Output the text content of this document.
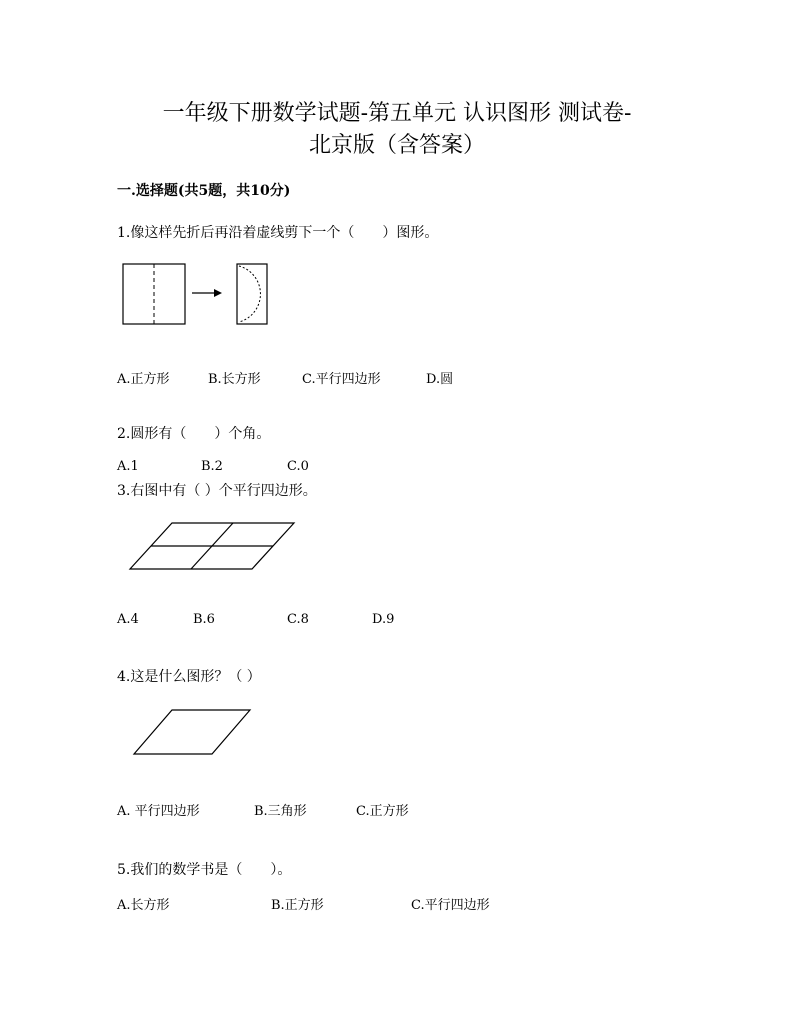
一年级下册数学试题-第五单元 认识图形 测试卷-
北京版（含答案）
一.选择题(共5题，共10分)
1.像这样先折后再沿着虚线剪下一个（　　）图形。
A.正方形	B.长方形	C.平行四边形	D.圆
2.圆形有（　　）个角。
A.1	B.2	C.0
3.右图中有（ ）个平行四边形。
A.4	B.6	C.8	D.9
4.这是什么图形？（ ）
A. 平行四边形	B.三角形	C.正方形
5.我们的数学书是（　　）。
A.长方形	B.正方形	C.平行四边形
